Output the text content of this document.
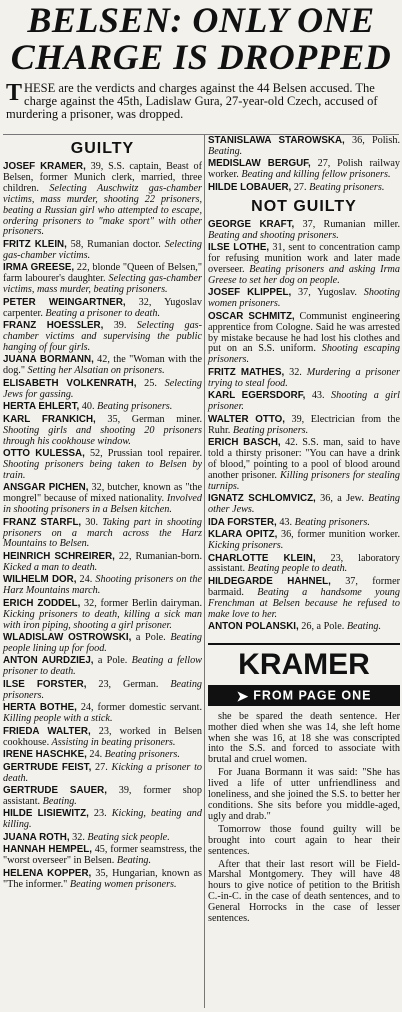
BELSEN: ONLY ONE
CHARGE IS DROPPED
THESE are the verdicts and charges against the 44 Belsen accused. The charge against the 45th, Ladislaw Gura, 27-year-old Czech, accused of murdering a prisoner, was dropped.
GUILTY
JOSEF KRAMER, 39, S.S. captain, Beast of Belsen, former Munich clerk, married, three children. Selecting Auschwitz gas-chamber victims, mass murder, shooting 22 prisoners, beating a Russian girl who attempted to escape, ordering prisoners to "make sport" with other prisoners.
FRITZ KLEIN, 58, Rumanian doctor. Selecting gas-chamber victims.
IRMA GREESE, 22, blonde "Queen of Belsen," farm labourer's daughter. Selecting gas-chamber victims, mass murder, beating prisoners.
PETER WEINGARTNER, 32, Yugoslav carpenter. Beating a prisoner to death.
FRANZ HOESSLER, 39. Selecting gas-chamber victims and supervising the public hanging of four girls.
JUANA BORMANN, 42, the "Woman with the dog." Setting her Alsatian on prisoners.
ELISABETH VOLKENRATH, 25. Selecting Jews for gassing.
HERTA EHLERT, 40. Beating prisoners.
KARL FRANKICH, 35, German miner. Shooting girls and shooting 20 prisoners through his cookhouse window.
OTTO KULESSA, 52, Prussian tool repairer. Shooting prisoners being taken to Belsen by train.
ANSGAR PICHEN, 32, butcher, known as "the mongrel" because of mixed nationality. Involved in shooting prisoners in a Belsen kitchen.
FRANZ STARFL, 30. Taking part in shooting prisoners on a march across the Harz Mountains to Belsen.
HEINRICH SCHREIRER, 22, Rumanian-born. Kicked a man to death.
WILHELM DOR, 24. Shooting prisoners on the Harz Mountains march.
ERICH ZODDEL, 32, former Berlin dairyman. Kicking prisoners to death, killing a sick man with iron piping, shooting a girl prisoner.
WLADISLAW OSTROWSKI, a Pole. Beating people lining up for food.
ANTON AURDZIEJ, a Pole. Beating a fellow prisoner to death.
ILSE FORSTER, 23, German. Beating prisoners.
HERTA BOTHE, 24, former domestic servant. Killing people with a stick.
FRIEDA WALTER, 23, worked in Belsen cookhouse. Assisting in beating prisoners.
IRENE HASCHKE, 24. Beating prisoners.
GERTRUDE FEIST, 27. Kicking a prisoner to death.
GERTRUDE SAUER, 39, former shop assistant. Beating.
HILDE LISIEWITZ, 23. Kicking, beating and killing.
JUANA ROTH, 32. Beating sick people.
HANNAH HEMPEL, 45, former seamstress, the "worst overseer" in Belsen. Beating.
HELENA KOPPER, 35, Hungarian, known as "The informer." Beating women prisoners.
STANISLAWA STAROWSKA, 36, Polish. Beating.
MEDISLAW BERGUF, 27, Polish railway worker. Beating and killing fellow prisoners.
HILDE LOBAUER, 27. Beating prisoners.
NOT GUILTY
GEORGE KRAFT, 37, Rumanian miller. Beating and shooting prisoners.
ILSE LOTHE, 31, sent to concentration camp for refusing munition work and later made overseer. Beating prisoners and asking Irma Greese to set her dog on people.
JOSEF KLIPPEL, 37, Yugoslav. Shooting women prisoners.
OSCAR SCHMITZ, Communist engineering apprentice from Cologne. Said he was arrested by mistake because he had lost his clothes and put on an S.S. uniform. Shooting escaping prisoners.
FRITZ MATHES, 32. Murdering a prisoner trying to steal food.
KARL EGERSDORF, 43. Shooting a girl prisoner.
WALTER OTTO, 39, Electrician from the Ruhr. Beating prisoners.
ERICH BASCH, 42. S.S. man, said to have told a thirsty prisoner: "You can have a drink of blood," pointing to a pool of blood around another prisoner. Killing prisoners for stealing turnips.
IGNATZ SCHLOMVICZ, 36, a Jew. Beating other Jews.
IDA FORSTER, 43. Beating prisoners.
KLARA OPITZ, 36, former munition worker. Kicking prisoners.
CHARLOTTE KLEIN, 23, laboratory assistant. Beating people to death.
HILDEGARDE HAHNEL, 37, former barmaid. Beating a handsome young Frenchman at Belsen because he refused to make love to her.
ANTON POLANSKI, 26, a Pole. Beating.
KRAMER
➤ FROM PAGE ONE
she be spared the death sentence. Her mother died when she was 14, she left home when she was 16, at 18 she was conscripted into the S.S. and forced to associate with brutal and cruel women.
For Juana Bormann it was said: "She has lived a life of utter unfriendliness and loneliness, and she joined the S.S. to better her conditions. She sits before you middle-aged, ugly and drab."
Tomorrow those found guilty will be brought into court again to hear their sentences.
After that their last resort will be Field-Marshal Montgomery. They will have 48 hours to give notice of petition to the British C.-in-C. in the case of death sentences, and to General Horrocks in the case of lesser sentences.
